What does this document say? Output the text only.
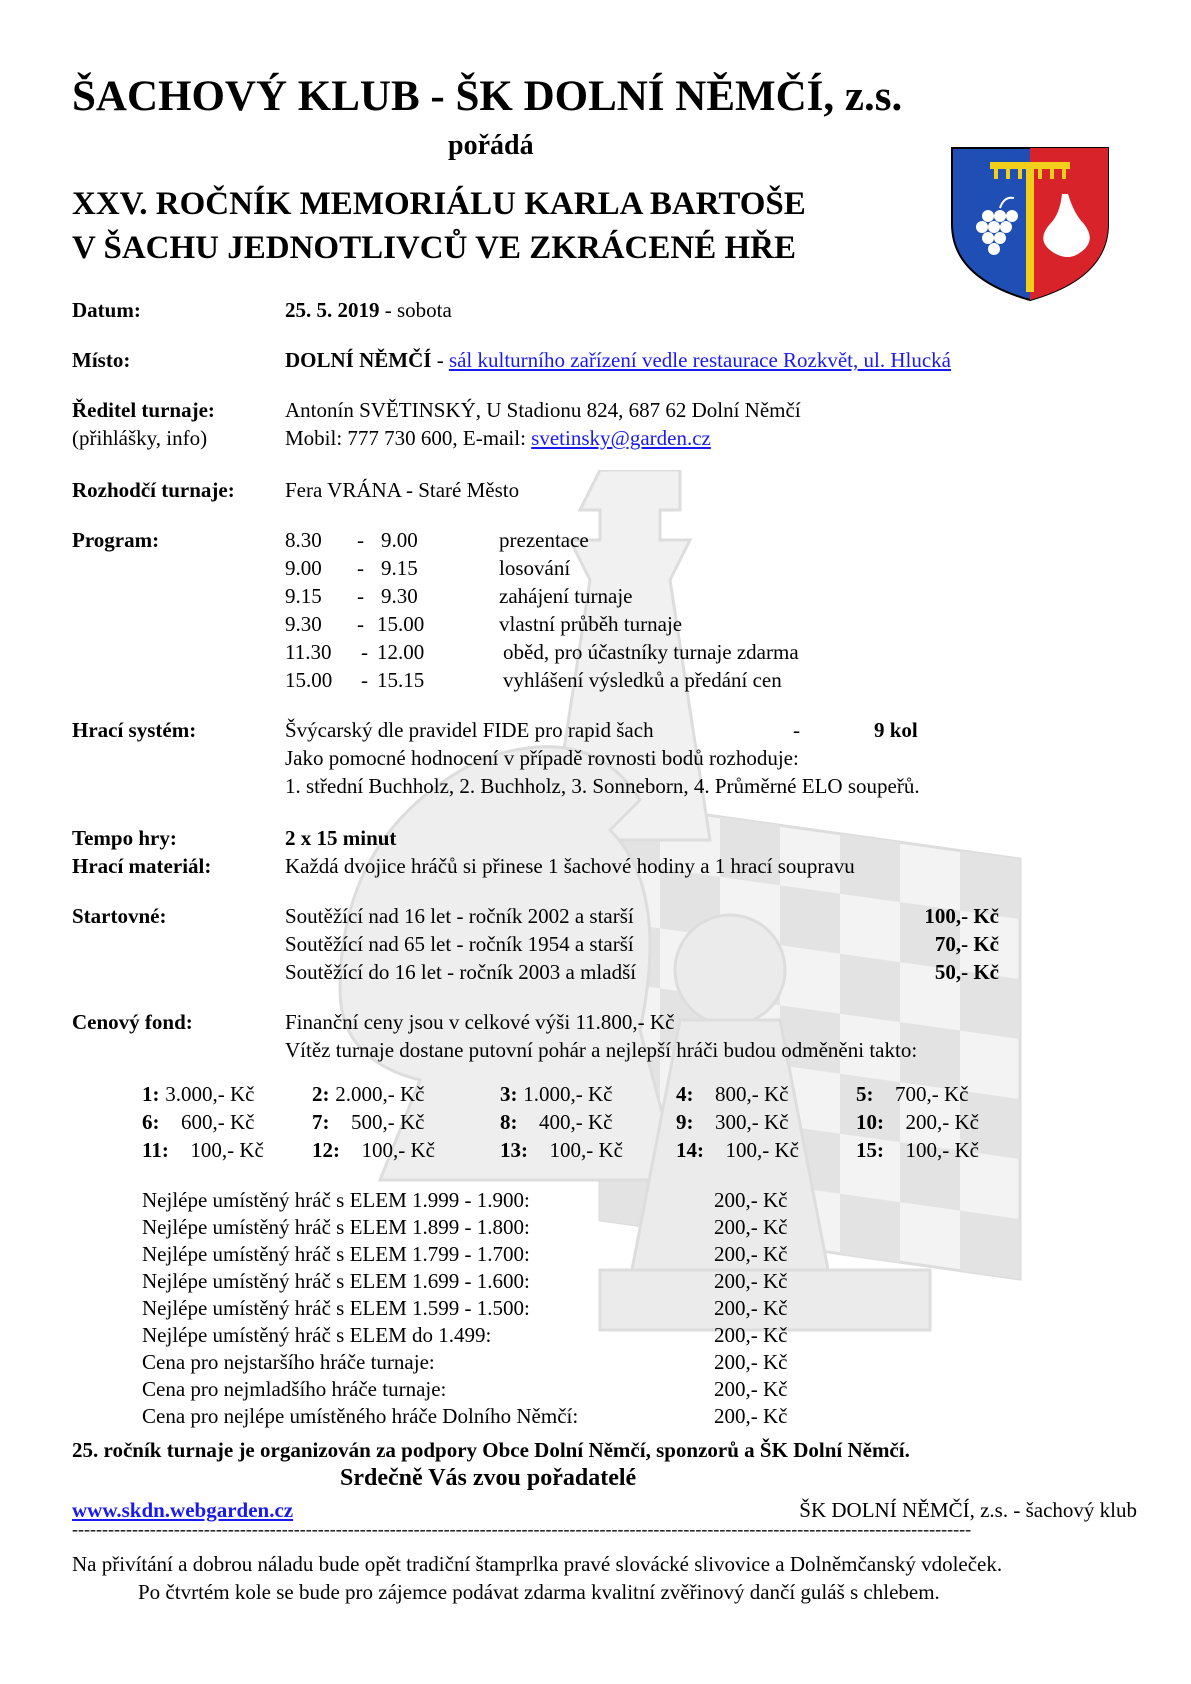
ŠACHOVÝ KLUB - ŠK DOLNÍ NĚMČÍ, z.s.
pořádá
XXV. ROČNÍK MEMORIÁLU KARLA BARTOŠE
V ŠACHU JEDNOTLIVCŮ VE ZKRÁCENÉ HŘE
Datum:	25. 5. 2019 - sobota
Místo:	DOLNÍ NĚMČÍ - sál kulturního zařízení vedle restaurace Rozkvět, ul. Hlucká
Ředitel turnaje:
(přihlášky, info)
Antonín SVĚTINSKÝ, U Stadionu 824, 687 62 Dolní Němčí
Mobil: 777 730 600, E-mail: svetinsky@garden.cz
Rozhodčí turnaje: Fera VRÁNA - Staré Město
Program:	8.30 - 9.00	prezentace
9.00 - 9.15	losování
9.15 - 9.30	zahájení turnaje
9.30 - 15.00	vlastní průběh turnaje
11.30 - 12.00	oběd, pro účastníky turnaje zdarma
15.00 - 15.15	vyhlášení výsledků a předání cen
Hrací systém:	Švýcarský dle pravidel FIDE pro rapid šach	-	9 kol
Jako pomocné hodnocení v případě rovnosti bodů rozhoduje:
1. střední Buchholz, 2. Buchholz, 3. Sonneborn, 4. Průměrné ELO soupeřů.
Tempo hry:	2 x 15 minut
Hrací materiál:	Každá dvojice hráčů si přinese 1 šachové hodiny a 1 hrací soupravu
Startovné:	Soutěžící nad 16 let - ročník 2002 a starší	100,- Kč
Soutěžící nad 65 let - ročník 1954 a starší	70,- Kč
Soutěžící do 16 let - ročník 2003 a mladší	50,- Kč
Cenový fond:	Finanční ceny jsou v celkové výši 11.800,- Kč
Vítěz turnaje dostane putovní pohár a nejlepší hráči budou odměněni takto:
1: 3.000,- Kč	2: 2.000,- Kč	3: 1.000,- Kč	4: 800,- Kč	5: 700,- Kč
6: 600,- Kč	7: 500,- Kč	8: 400,- Kč	9: 300,- Kč	10: 200,- Kč
11: 100,- Kč 12: 100,- Kč	13: 100,- Kč	14: 100,- Kč	15: 100,- Kč
Nejlépe umístěný hráč s ELEM 1.999 - 1.900:	200,- Kč
Nejlépe umístěný hráč s ELEM 1.899 - 1.800:	200,- Kč
Nejlépe umístěný hráč s ELEM 1.799 - 1.700:	200,- Kč
Nejlépe umístěný hráč s ELEM 1.699 - 1.600:	200,- Kč
Nejlépe umístěný hráč s ELEM 1.599 - 1.500:	200,- Kč
Nejlépe umístěný hráč s ELEM do 1.499:	200,- Kč
Cena pro nejstaršího hráče turnaje:	200,- Kč
Cena pro nejmladšího hráče turnaje:	200,- Kč
Cena pro nejlépe umístěného hráče Dolního Němčí:	200,- Kč
25. ročník turnaje je organizován za podpory Obce Dolní Němčí, sponzorů a ŠK Dolní Němčí.
Srdečně Vás zvou pořadatelé
www.skdn.webgarden.cz	ŠK DOLNÍ NĚMČÍ, z.s. - šachový klub
------------------------------------------------------------------------------------------------------------------------------------------------------
Na přivítání a dobrou náladu bude opět tradiční štamprlka pravé slovácké slivovice a Dolněmčanský vdoleček.
Po čtvrtém kole se bude pro zájemce podávat zdarma kvalitní zvěřinový dančí guláš s chlebem.
